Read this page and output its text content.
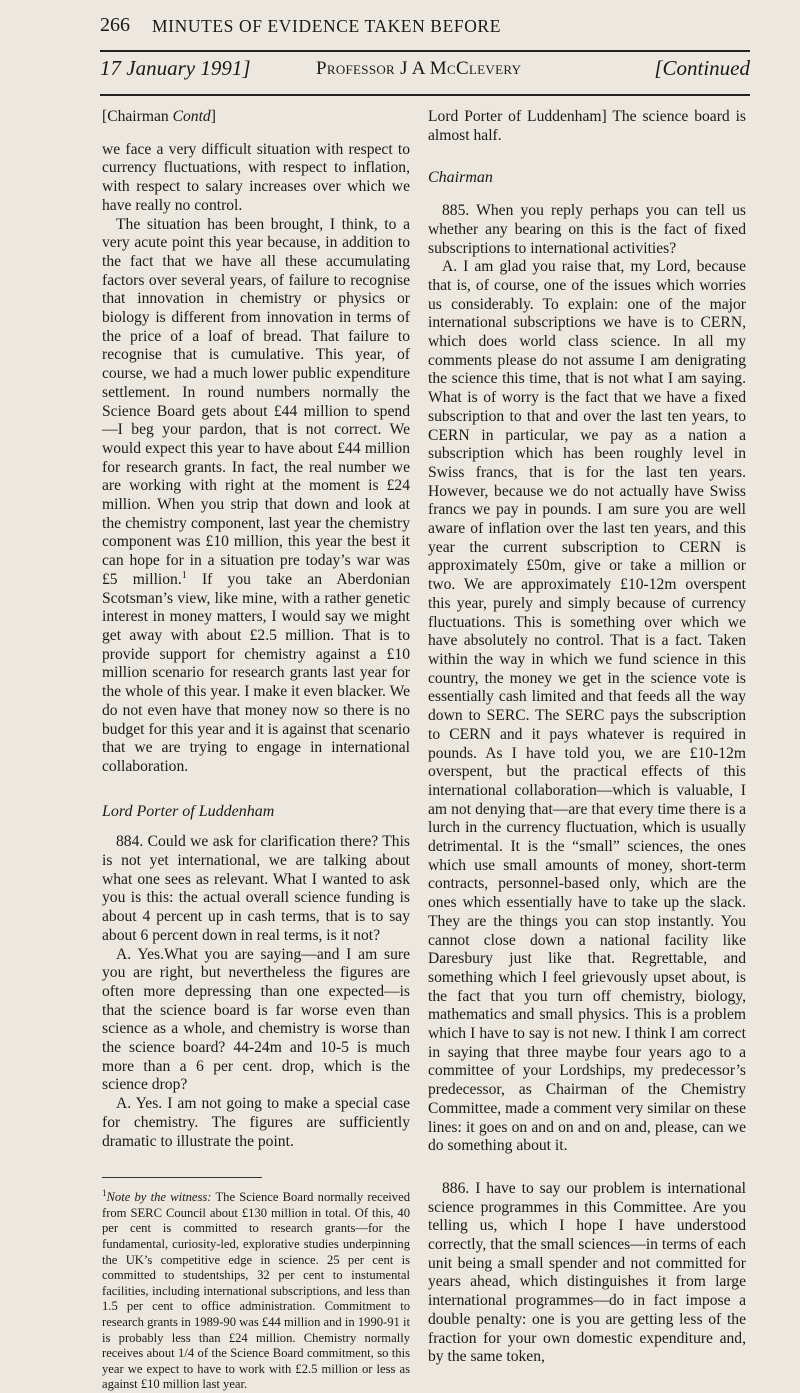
266 MINUTES OF EVIDENCE TAKEN BEFORE
17 January 1991]	Professor J A McClevery	[Continued

[Chairman Contd]

we face a very difficult situation with respect to currency fluctuations, with respect to inflation, with respect to salary increases over which we have really no control.

The situation has been brought, I think, to a very acute point this year because, in addition to the fact that we have all these accumulating factors over several years, of failure to recognise that innovation in chemistry or physics or biology is different from innovation in terms of the price of a loaf of bread. That failure to recognise that is cumulative. This year, of course, we had a much lower public expenditure settlement. In round numbers normally the Science Board gets about £44 million to spend —I beg your pardon, that is not correct. We would expect this year to have about £44 million for research grants. In fact, the real number we are working with right at the moment is £24 million. When you strip that down and look at the chemistry component, last year the chemistry component was £10 million, this year the best it can hope for in a situation pre today’s war was £5 million.$^1$ If you take an Aberdonian Scotsman’s view, like mine, with a rather genetic interest in money matters, I would say we might get away with about £2.5 million. That is to provide support for chemistry against a £10 million scenario for research grants last year for the whole of this year. I make it even blacker. We do not even have that money now so there is no budget for this year and it is against that scenario that we are trying to engage in international collaboration.

Lord Porter of Luddenham

884. Could we ask for clarification there? This is not yet international, we are talking about what one sees as relevant. What I wanted to ask you is this: the actual overall science funding is about 4 percent up in cash terms, that is to say about 6 percent down in real terms, is it not?

A. Yes.What you are saying—and I am sure you are right, but nevertheless the figures are often more depressing than one expected—is that the science board is far worse even than science as a whole, and chemistry is worse than the science board? 44-24m and 10-5 is much more than a 6 per cent. drop, which is the science drop?

A. Yes. I am not going to make a special case for chemistry. The figures are sufficiently dramatic to illustrate the point.

$^1$Note by the witness: The Science Board normally received from SERC Council about £130 million in total. Of this, 40 per cent is committed to research grants—for the fundamental, curiosity-led, explorative studies underpinning the UK’s competitive edge in science. 25 per cent is committed to studentships, 32 per cent to instumental facilities, including international subscriptions, and less than 1.5 per cent to office administration. Commitment to research grants in 1989-90 was £44 million and in 1990-91 it is probably less than £24 million. Chemistry normally receives about 1/4 of the Science Board commitment, so this year we expect to have to work with £2.5 million or less as against £10 million last year.

Lord Porter of Luddenham] The science board is almost half.

Chairman

885. When you reply perhaps you can tell us whether any bearing on this is the fact of fixed subscriptions to international activities?

A. I am glad you raise that, my Lord, because that is, of course, one of the issues which worries us considerably. To explain: one of the major international subscriptions we have is to CERN, which does world class science. In all my comments please do not assume I am denigrating the science this time, that is not what I am saying. What is of worry is the fact that we have a fixed subscription to that and over the last ten years, to CERN in particular, we pay as a nation a subscription which has been roughly level in Swiss francs, that is for the last ten years. However, because we do not actually have Swiss francs we pay in pounds. I am sure you are well aware of inflation over the last ten years, and this year the current subscription to CERN is approximately £50m, give or take a million or two. We are approximately £10-12m overspent this year, purely and simply because of currency fluctuations. This is something over which we have absolutely no control. That is a fact. Taken within the way in which we fund science in this country, the money we get in the science vote is essentially cash limited and that feeds all the way down to SERC. The SERC pays the subscription to CERN and it pays whatever is required in pounds. As I have told you, we are £10-12m overspent, but the practical effects of this international collaboration—which is valuable, I am not denying that—are that every time there is a lurch in the currency fluctuation, which is usually detrimental. It is the “small” sciences, the ones which use small amounts of money, short-term contracts, personnel-based only, which are the ones which essentially have to take up the slack. They are the things you can stop instantly. You cannot close down a national facility like Daresbury just like that. Regrettable, and something which I feel grievously upset about, is the fact that you turn off chemistry, biology, mathematics and small physics. This is a problem which I have to say is not new. I think I am correct in saying that three maybe four years ago to a committee of your Lordships, my predecessor’s predecessor, as Chairman of the Chemistry Committee, made a comment very similar on these lines: it goes on and on and on and, please, can we do something about it.

886. I have to say our problem is international science programmes in this Committee. Are you telling us, which I hope I have understood correctly, that the small sciences—in terms of each unit being a small spender and not committed for years ahead, which distinguishes it from large international programmes—do in fact impose a double penalty: one is you are getting less of the fraction for your own domestic expenditure and, by the same token,
